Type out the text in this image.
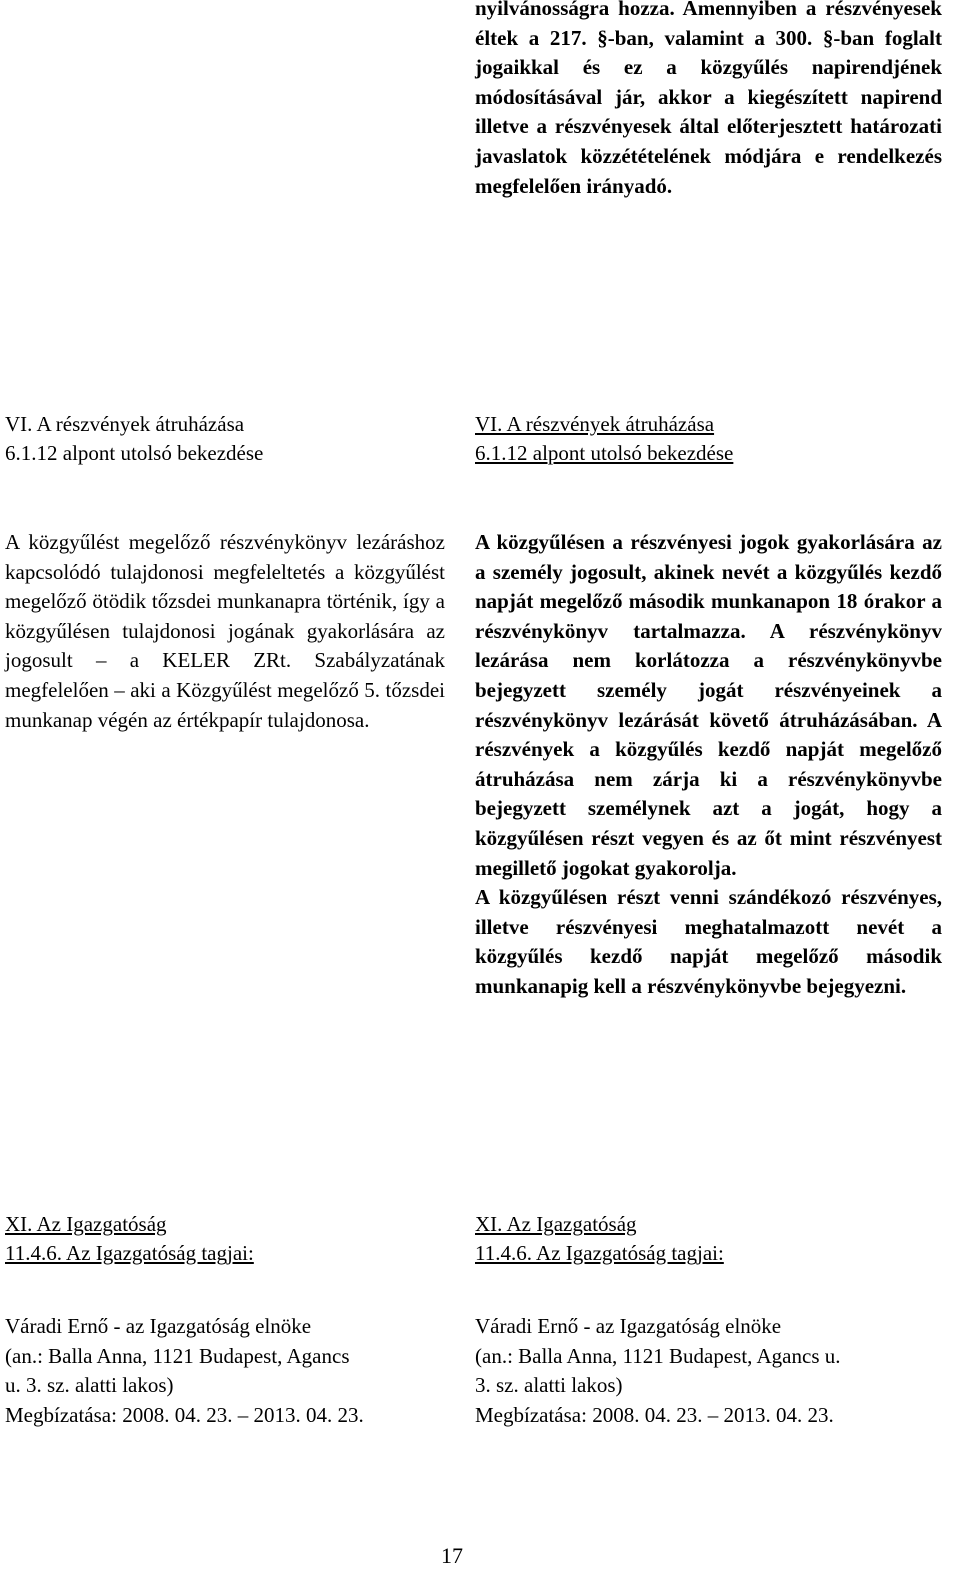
nyilvánosságra hozza. Amennyiben a részvényesek éltek a 217. §-ban, valamint a 300. §-ban foglalt jogaikkal és ez a közgyűlés napirendjének módosításával jár, akkor a kiegészített napirend illetve a részvényesek által előterjesztett határozati javaslatok közzétételének módjára e rendelkezés megfelelően irányadó.

VI. A részvények átruházása
6.1.12 alpont utolsó bekezdése
VI. A részvények átruházása
6.1.12 alpont utolsó bekezdése

A közgyűlést megelőző részvénykönyv lezáráshoz kapcsolódó tulajdonosi megfeleltetés a közgyűlést megelőző ötödik tőzsdei munkanapra történik, így a közgyűlésen tulajdonosi jogának gyakorlására az jogosult – a KELER ZRt. Szabályzatának megfelelően – aki a Közgyűlést megelőző 5. tőzsdei munkanap végén az értékpapír tulajdonosa.

A közgyűlésen a részvényesi jogok gyakorlására az a személy jogosult, akinek nevét a közgyűlés kezdő napját megelőző második munkanapon 18 órakor a részvénykönyv tartalmazza. A részvénykönyv lezárása nem korlátozza a részvénykönyvbe bejegyzett személy jogát részvényeinek a részvénykönyv lezárását követő átruházásában. A részvények a közgyűlés kezdő napját megelőző átruházása nem zárja ki a részvénykönyvbe bejegyzett személynek azt a jogát, hogy a közgyűlésen részt vegyen és az őt mint részvényest megillető jogokat gyakorolja.

A közgyűlésen részt venni szándékozó részvényes, illetve részvényesi meghatalmazott nevét a közgyűlés kezdő napját megelőző második munkanapig kell a részvénykönyvbe bejegyezni.

XI. Az Igazgatóság
11.4.6. Az Igazgatóság tagjai:
XI. Az Igazgatóság
11.4.6. Az Igazgatóság tagjai:
Váradi Ernő - az Igazgatóság elnöke
(an.: Balla Anna, 1121 Budapest, Agancs
u. 3. sz. alatti lakos)
Megbízatása: 2008. 04. 23. – 2013. 04. 23.
Váradi Ernő - az Igazgatóság elnöke
(an.: Balla Anna, 1121 Budapest, Agancs u.
3. sz. alatti lakos)
Megbízatása: 2008. 04. 23. – 2013. 04. 23.
17
